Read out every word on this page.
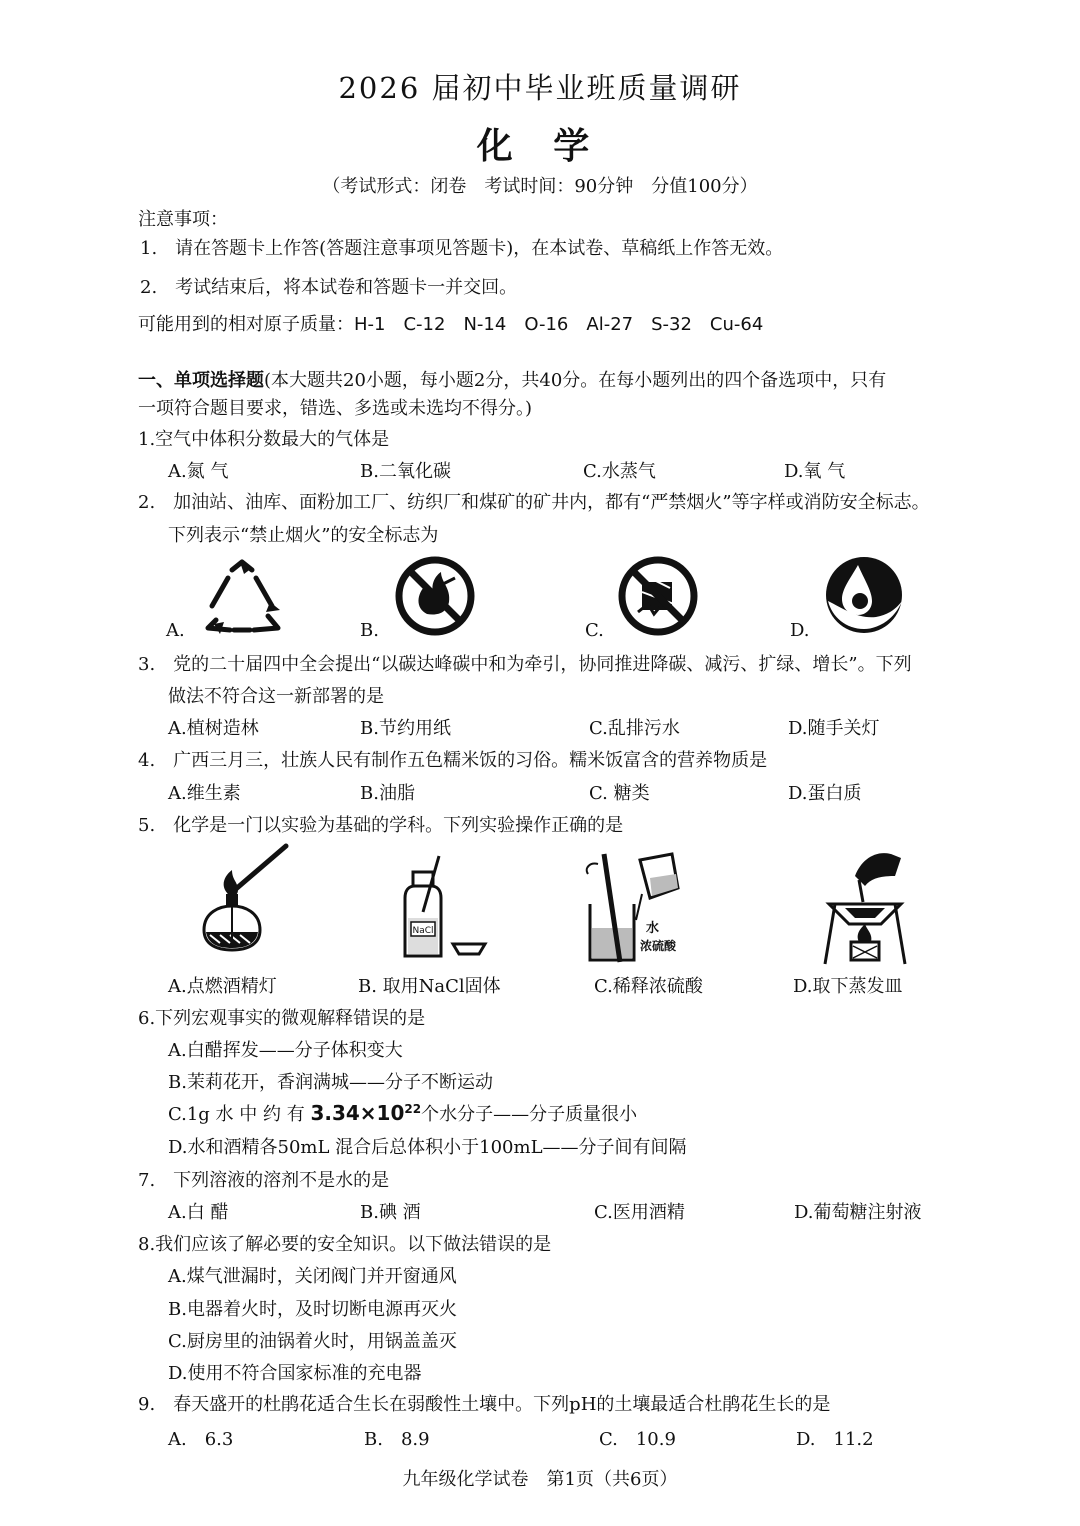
2026 届初中毕业班质量调研
化 学
（考试形式：闭卷　考试时间：90分钟　分值100分）
注意事项：
1.　请在答题卡上作答(答题注意事项见答题卡)，在本试卷、草稿纸上作答无效。
2.　考试结束后，将本试卷和答题卡一并交回。
可能用到的相对原子质量：H-1　C-12　N-14　O-16　Al-27　S-32　Cu-64
一、单项选择题(本大题共20小题，每小题2分，共40分。在每小题列出的四个备选项中，只有
一项符合题目要求，错选、多选或未选均不得分。)
1.空气中体积分数最大的气体是
A.氮 气	B.二氧化碳	C.水蒸气	D.氧 气
2.　加油站、油库、面粉加工厂、纺织厂和煤矿的矿井内，都有“严禁烟火”等字样或消防安全标志。
下列表示“禁止烟火”的安全标志为
A.	B.	C.	D.
3.　党的二十届四中全会提出“以碳达峰碳中和为牵引，协同推进降碳、减污、扩绿、增长”。下列
做法不符合这一新部署的是
A.植树造林	B.节约用纸	C.乱排污水	D.随手关灯
4.　广西三月三，壮族人民有制作五色糯米饭的习俗。糯米饭富含的营养物质是
A.维生素	B.油脂	C. 糖类	D.蛋白质
5.　化学是一门以实验为基础的学科。下列实验操作正确的是
A.点燃酒精灯
NaCl
B. 取用NaCl固体
水
浓硫酸
C.稀释浓硫酸	D.取下蒸发皿
6.下列宏观事实的微观解释错误的是
A.白醋挥发——分子体积变大
B.茉莉花开，香润满城——分子不断运动
C.1g 水 中 约 有 $3.34\times 10^{22}$个水分子——分子质量很小
D.水和酒精各50mL 混合后总体积小于100mL——分子间有间隔
7.　下列溶液的溶剂不是水的是
A.白 醋	B.碘 酒	C.医用酒精	D.葡萄糖注射液
8.我们应该了解必要的安全知识。以下做法错误的是
A.煤气泄漏时，关闭阀门并开窗通风
B.电器着火时，及时切断电源再灭火
C.厨房里的油锅着火时，用锅盖盖灭
D.使用不符合国家标准的充电器
9.　春天盛开的杜鹃花适合生长在弱酸性土壤中。下列pH的土壤最适合杜鹃花生长的是
A.　6.3	B.　8.9	C.　10.9	D.　11.2
九年级化学试卷　第1页（共6页）
